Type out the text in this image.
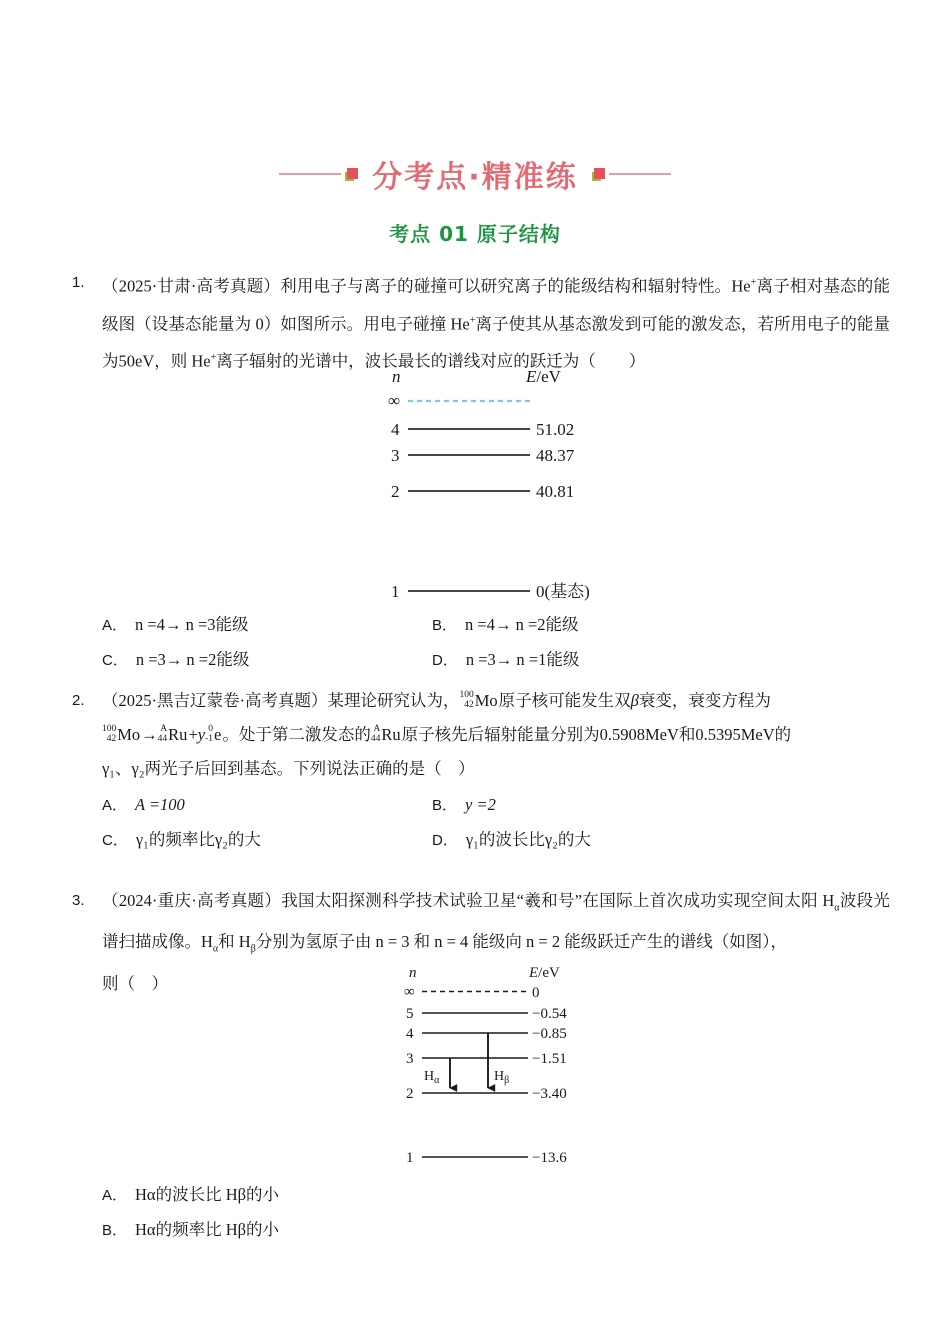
分考点·精准练
考点 01 原子结构
1.	（2025·甘肃·高考真题）利用电子与离子的碰撞可以研究离子的能级结构和辐射特性。He+离子相对基态的能级图（设基态能量为 0）如图所示。用电子碰撞 He+离子使其从基态激发到可能的激发态，若所用电子的能量为50eV，则 He+离子辐射的光谱中，波长最长的谱线对应的跃迁为（　　）
n	E/eV
∞
4	51.02
3	48.37
2	40.81
1	0(基态)
A． n =4→ n =3能级	B． n =4→ n =2能级
C． n =3→ n =2能级	D． n =3→ n =1能级
2.	（2025·黑吉辽蒙卷·高考真题）某理论研究认为， 100
42 Mo原子核可能发生双β衰变，衰变方程为

100
42 Mo→ A
44 Ru+y 0
-1 e。处于第二激发态的 A
44 Ru原子核先后辐射能量分别为0.5908MeV和0.5395MeV的

γ₁、γ₂两光子后回到基态。下列说法正确的是（　）

A． A =100	B． y =2
C． γ₁的频率比γ₂的大	D． γ₁的波长比γ₂的大
3.	（2024·重庆·高考真题）我国太阳探测科学技术试验卫星“羲和号”在国际上首次成功实现空间太阳 $H_\alpha$波段光谱扫描成像。$H_\alpha$和 $H_\beta$分别为氢原子由 n = 3 和 n = 4 能级向 n = 2 能级跃迁产生的谱线（如图），
则（　）
n	E/eV
∞	0
5	−0.54
4	−0.85
3	−1.51
2	−3.40
$H_\alpha$	$H_\beta$
1	−13.6
A． Hα的波长比 Hβ的小
B． Hα的频率比 Hβ的小
